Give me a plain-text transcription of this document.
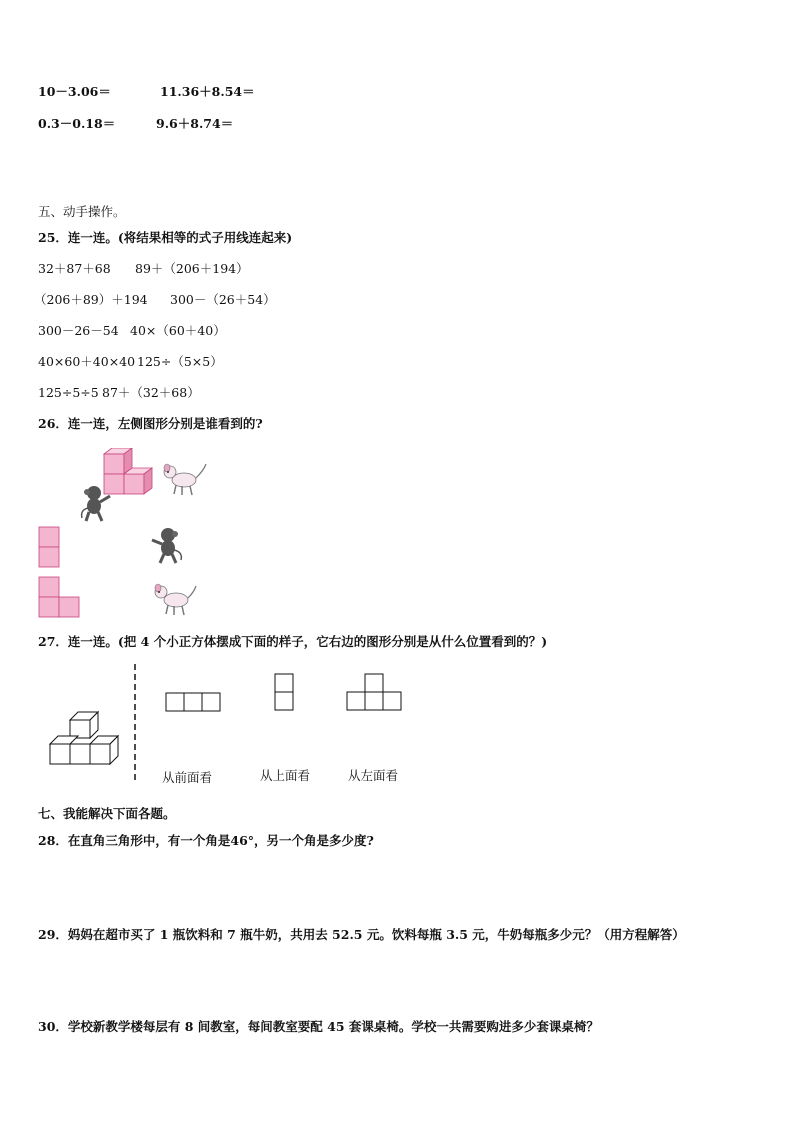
10－3.06＝	11.36＋8.54＝
0.3－0.18＝	9.6＋8.74＝
五、动手操作。
25．连一连。(将结果相等的式子用线连起来)
32＋87＋68 89＋（206＋194）
（206＋89）＋194 300－（26＋54）
300－26－54 40×（60＋40）
40×60＋40×40 125÷（5×5）
125÷5÷5 87＋（32＋68）
26．连一连，左侧图形分别是谁看到的?
27．连一连。(把 4 个小正方体摆成下面的样子，它右边的图形分别是从什么位置看到的？)
从前面看	从上面看	从左面看
七、我能解决下面各题。
28．在直角三角形中，有一个角是46°，另一个角是多少度?
29．妈妈在超市买了 1 瓶饮料和 7 瓶牛奶，共用去 52.5 元。饮料每瓶 3.5 元，牛奶每瓶多少元？（用方程解答）
30．学校新教学楼每层有 8 间教室，每间教室要配 45 套课桌椅。学校一共需要购进多少套课桌椅？
